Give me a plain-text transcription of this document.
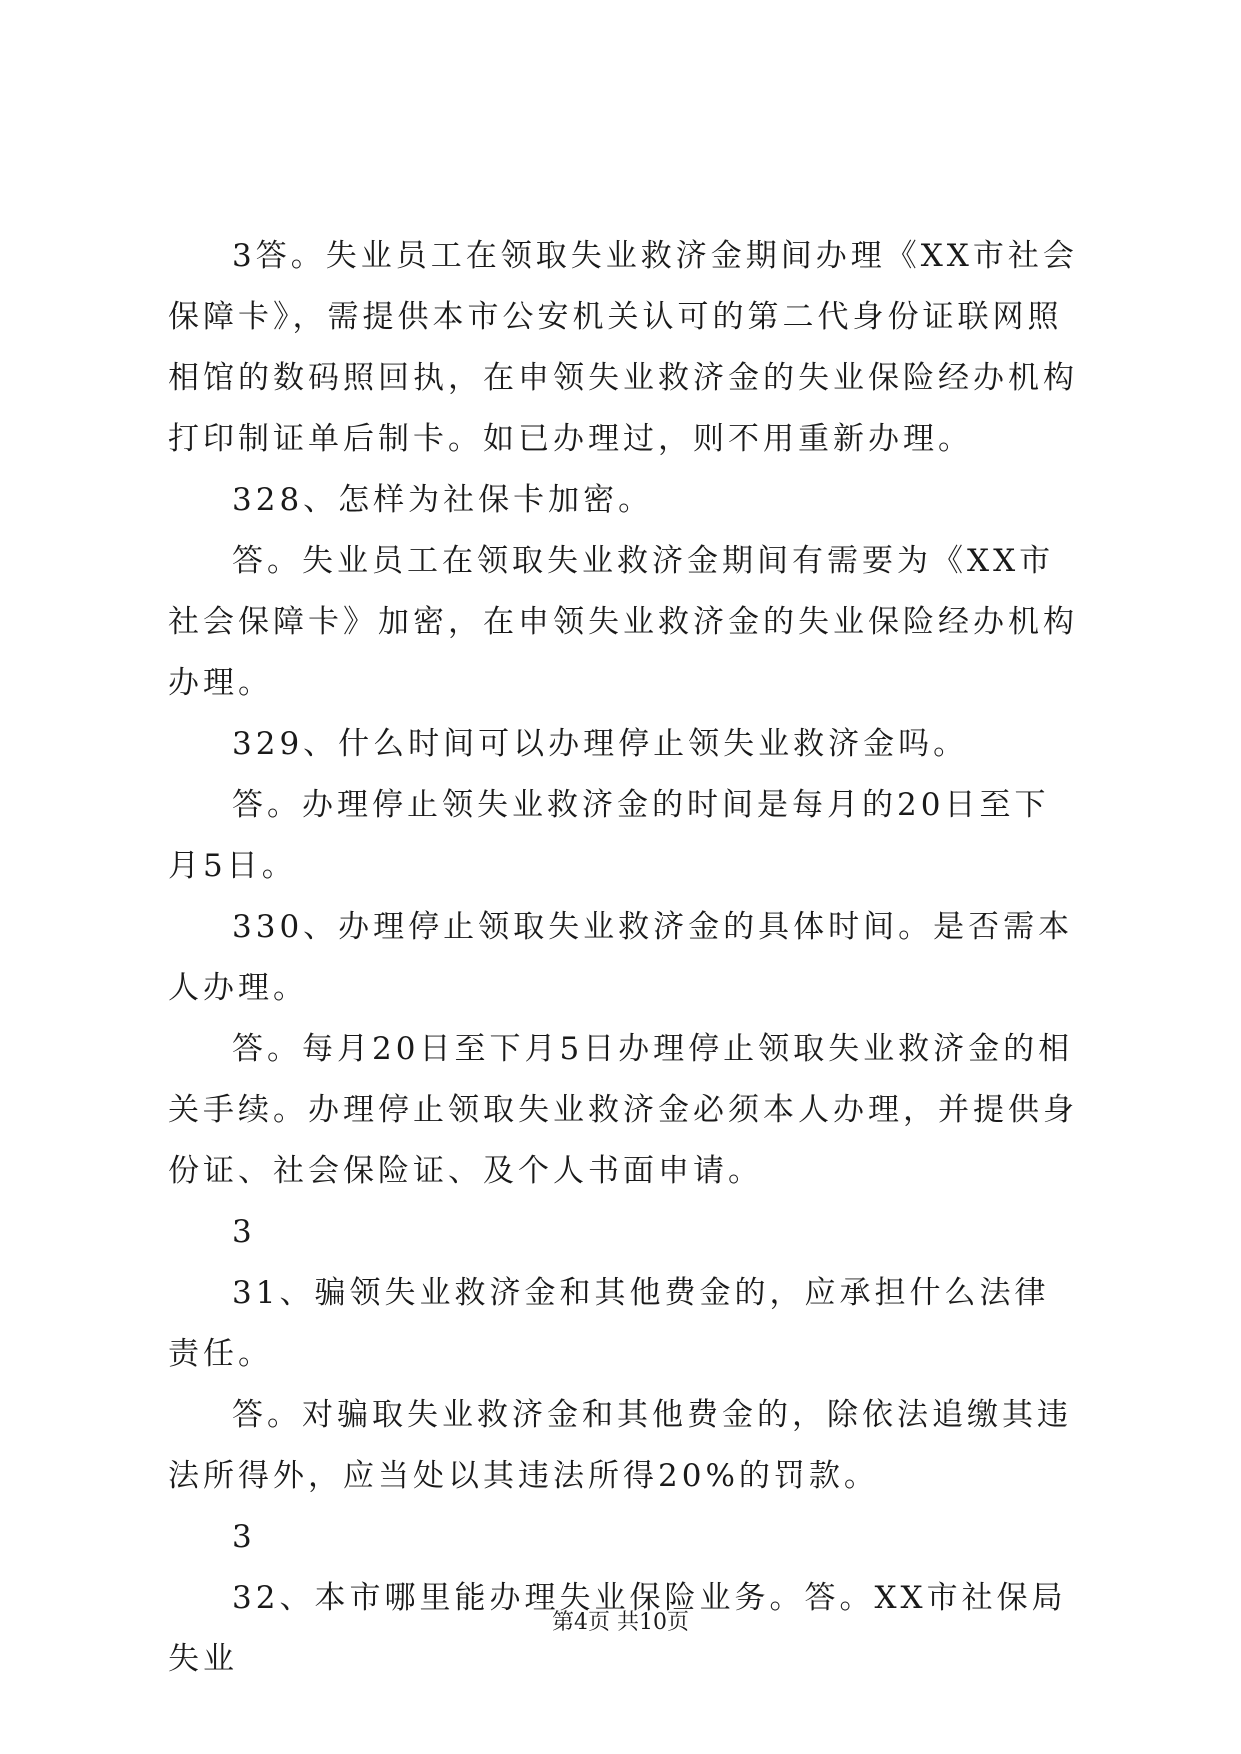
3答。失业员工在领取失业救济金期间办理《XX市社会保障卡》，需提供本市公安机关认可的第二代身份证联网照相馆的数码照回执，在申领失业救济金的失业保险经办机构打印制证单后制卡。如已办理过，则不用重新办理。

328、怎样为社保卡加密。

答。失业员工在领取失业救济金期间有需要为《XX市社会保障卡》加密，在申领失业救济金的失业保险经办机构办理。

329、什么时间可以办理停止领失业救济金吗。

答。办理停止领失业救济金的时间是每月的20日至下月5日。

330、办理停止领取失业救济金的具体时间。是否需本人办理。

答。每月20日至下月5日办理停止领取失业救济金的相关手续。办理停止领取失业救济金必须本人办理，并提供身份证、社会保险证、及个人书面申请。

3

31、骗领失业救济金和其他费金的，应承担什么法律责任。

答。对骗取失业救济金和其他费金的，除依法追缴其违法所得外，应当处以其违法所得20%的罚款。

3

32、本市哪里能办理失业保险业务。答。XX市社保局失业

第4页 共10页
